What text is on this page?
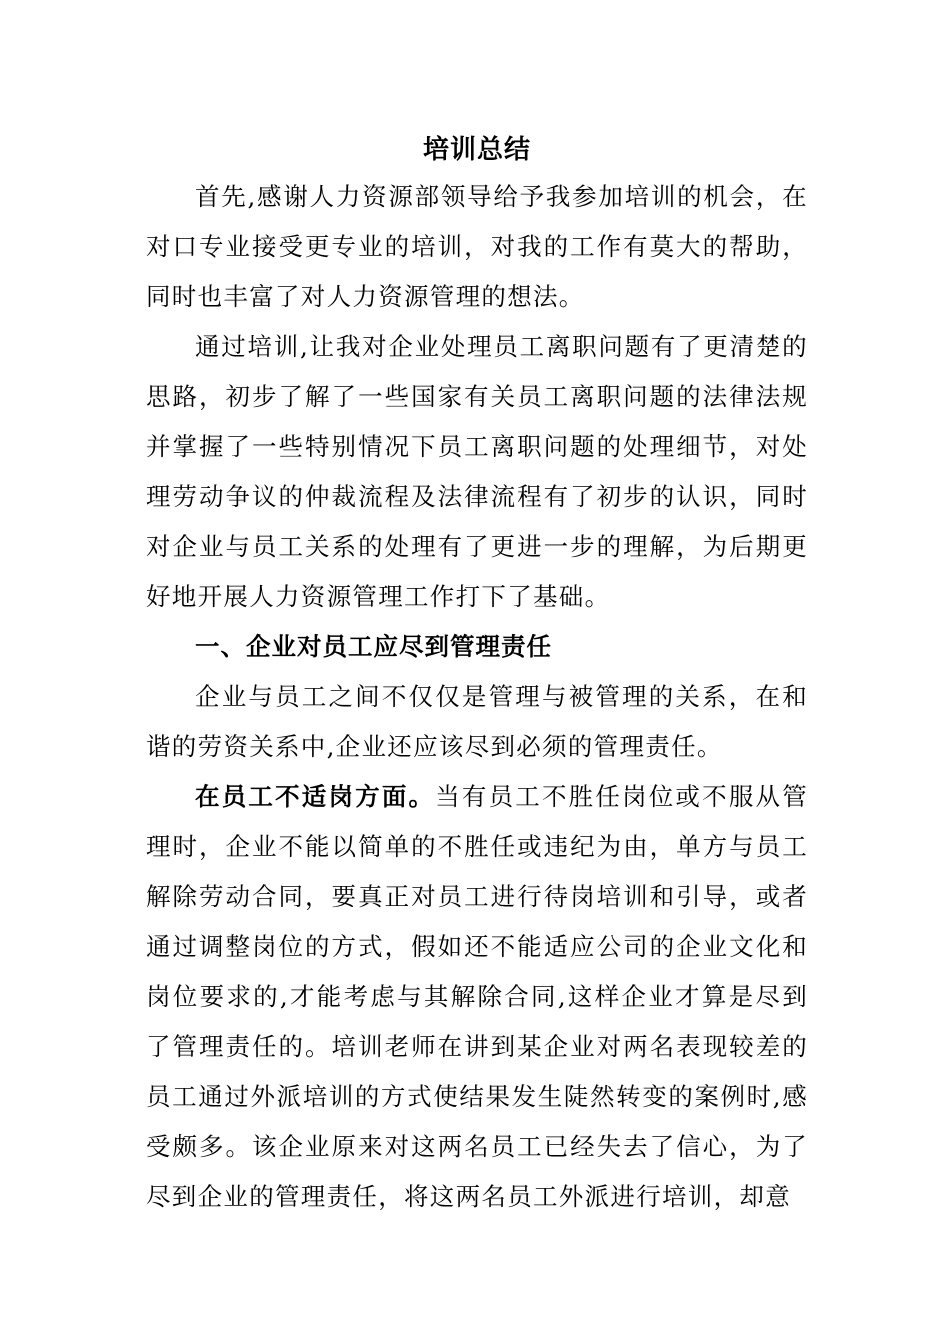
培训总结

首先,感谢人力资源部领导给予我参加培训的机会，在对口专业接受更专业的培训，对我的工作有莫大的帮助，同时也丰富了对人力资源管理的想法。

通过培训,让我对企业处理员工离职问题有了更清楚的思路，初步了解了一些国家有关员工离职问题的法律法规并掌握了一些特别情况下员工离职问题的处理细节，对处理劳动争议的仲裁流程及法律流程有了初步的认识，同时对企业与员工关系的处理有了更进一步的理解，为后期更好地开展人力资源管理工作打下了基础。

一、企业对员工应尽到管理责任

企业与员工之间不仅仅是管理与被管理的关系，在和谐的劳资关系中,企业还应该尽到必须的管理责任。

在员工不适岗方面。当有员工不胜任岗位或不服从管理时，企业不能以简单的不胜任或违纪为由，单方与员工解除劳动合同，要真正对员工进行待岗培训和引导，或者通过调整岗位的方式，假如还不能适应公司的企业文化和岗位要求的,才能考虑与其解除合同,这样企业才算是尽到了管理责任的。培训老师在讲到某企业对两名表现较差的员工通过外派培训的方式使结果发生陡然转变的案例时,感受颇多。该企业原来对这两名员工已经失去了信心，为了尽到企业的管理责任，将这两名员工外派进行培训，却意
